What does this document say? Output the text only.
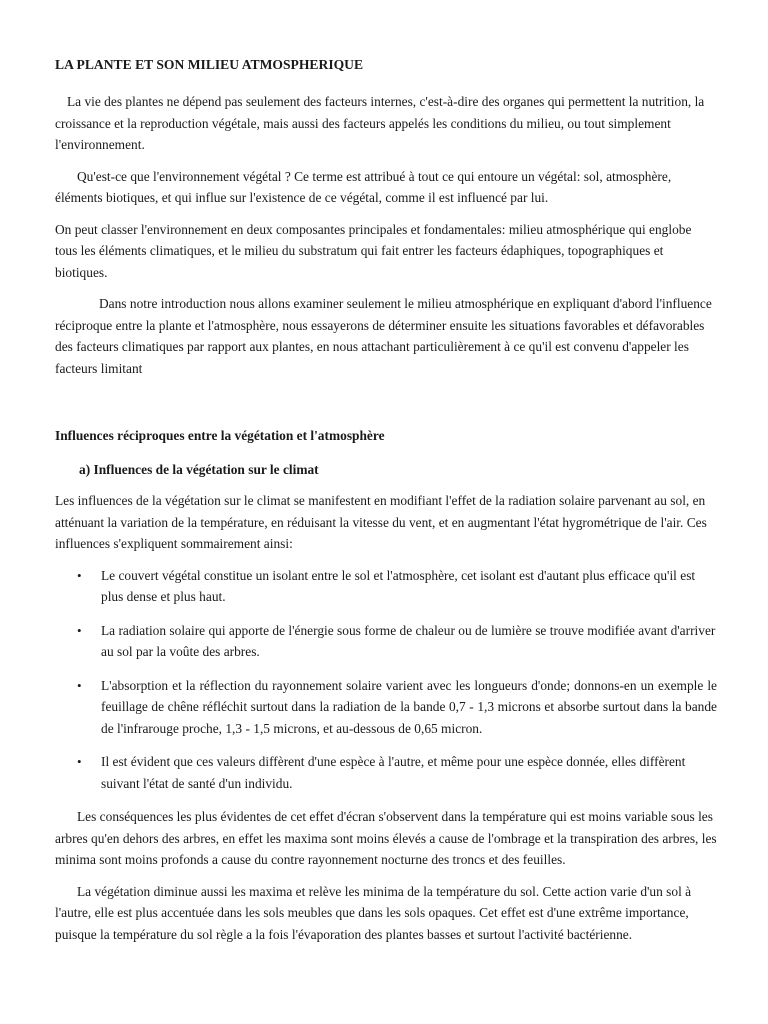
LA PLANTE ET SON MILIEU ATMOSPHERIQUE

La vie des plantes ne dépend pas seulement des facteurs internes, c'est-à-dire des organes qui permettent la nutrition, la croissance et la reproduction végétale, mais aussi des facteurs appelés les conditions du milieu, ou tout simplement l'environnement.

Qu'est-ce que l'environnement végétal ? Ce terme est attribué à tout ce qui entoure un végétal: sol, atmosphère, éléments biotiques, et qui influe sur l'existence de ce végétal, comme il est influencé par lui.

On peut classer l'environnement en deux composantes principales et fondamentales: milieu atmosphérique qui englobe tous les éléments climatiques, et le milieu du substratum qui fait entrer les facteurs édaphiques, topographiques et biotiques.

Dans notre introduction nous allons examiner seulement le milieu atmosphérique en expliquant d'abord l'influence réciproque entre la plante et l'atmosphère, nous essayerons de déterminer ensuite les situations favorables et défavorables des facteurs climatiques par rapport aux plantes, en nous attachant particulièrement à ce qu'il est convenu d'appeler les facteurs limitant

Influences réciproques entre la végétation et l'atmosphère
a) Influences de la végétation sur le climat

Les influences de la végétation sur le climat se manifestent en modifiant l'effet de la radiation solaire parvenant au sol, en atténuant la variation de la température, en réduisant la vitesse du vent, et en augmentant l'état hygrométrique de l'air. Ces influences s'expliquent sommairement ainsi:

• Le couvert végétal constitue un isolant entre le sol et l'atmosphère, cet isolant est d'autant plus efficace qu'il est plus dense et plus haut.
• La radiation solaire qui apporte de l'énergie sous forme de chaleur ou de lumière se trouve modifiée avant d'arriver au sol par la voûte des arbres.
• L'absorption et la réflection du rayonnement solaire varient avec les longueurs d'onde; donnons-en un exemple le feuillage de chêne réfléchit surtout dans la radiation de la bande 0,7 - 1,3 microns et absorbe surtout dans la bande de l'infrarouge proche, 1,3 - 1,5 microns, et au-dessous de 0,65 micron.
• Il est évident que ces valeurs diffèrent d'une espèce à l'autre, et même pour une espèce donnée, elles diffèrent suivant l'état de santé d'un individu.

Les conséquences les plus évidentes de cet effet d'écran s'observent dans la température qui est moins variable sous les arbres qu'en dehors des arbres, en effet les maxima sont moins élevés a cause de l'ombrage et la transpiration des arbres, les minima sont moins profonds a cause du contre rayonnement nocturne des troncs et des feuilles.

La végétation diminue aussi les maxima et relève les minima de la température du sol. Cette action varie d'un sol à l'autre, elle est plus accentuée dans les sols meubles que dans les sols opaques. Cet effet est d'une extrême importance, puisque la température du sol règle a la fois l'évaporation des plantes basses et surtout l'activité bactérienne.
